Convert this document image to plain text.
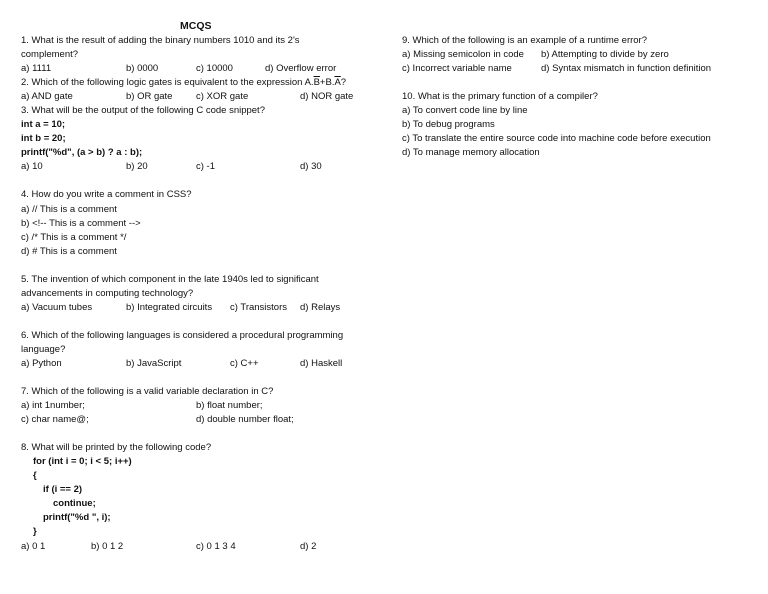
MCQS
1. What is the result of adding the binary numbers 1010 and its 2's
complement?
a) 1111	b) 0000	c) 10000	d) Overflow error
2. Which of the following logic gates is equivalent to the expression $A.\overline{B}+B.\overline{A}$?
a) AND gate	b) OR gate c) XOR gate	d) NOR gate
3. What will be the output of the following C code snippet?
int a = 10;
int b = 20;
printf("%d", (a > b) ? a : b);
a) 10	b) 20	c) -1	d) 30
4. How do you write a comment in CSS?
a) // This is a comment
b) <!-- This is a comment -->
c) /* This is a comment */
d) # This is a comment
5. The invention of which component in the late 1940s led to significant
advancements in computing technology?
a) Vacuum tubes	b) Integrated circuits c) Transistors d) Relays
6. Which of the following languages is considered a procedural programming
language?
a) Python	b) JavaScript	c) C++	d) Haskell
7. Which of the following is a valid variable declaration in C?
a) int 1number;	b) float number;
c) char name@;	d) double number float;
8. What will be printed by the following code?
for (int i = 0; i < 5; i++)
{
if (i == 2)
continue;
printf("%d ", i);
}
a) 0 1	b) 0 1 2	c) 0 1 3 4	d) 2
9. Which of the following is an example of a runtime error?
a) Missing semicolon in code b) Attempting to divide by zero
c) Incorrect variable name	d) Syntax mismatch in function definition
10. What is the primary function of a compiler?
a) To convert code line by line
b) To debug programs
c) To translate the entire source code into machine code before execution
d) To manage memory allocation
